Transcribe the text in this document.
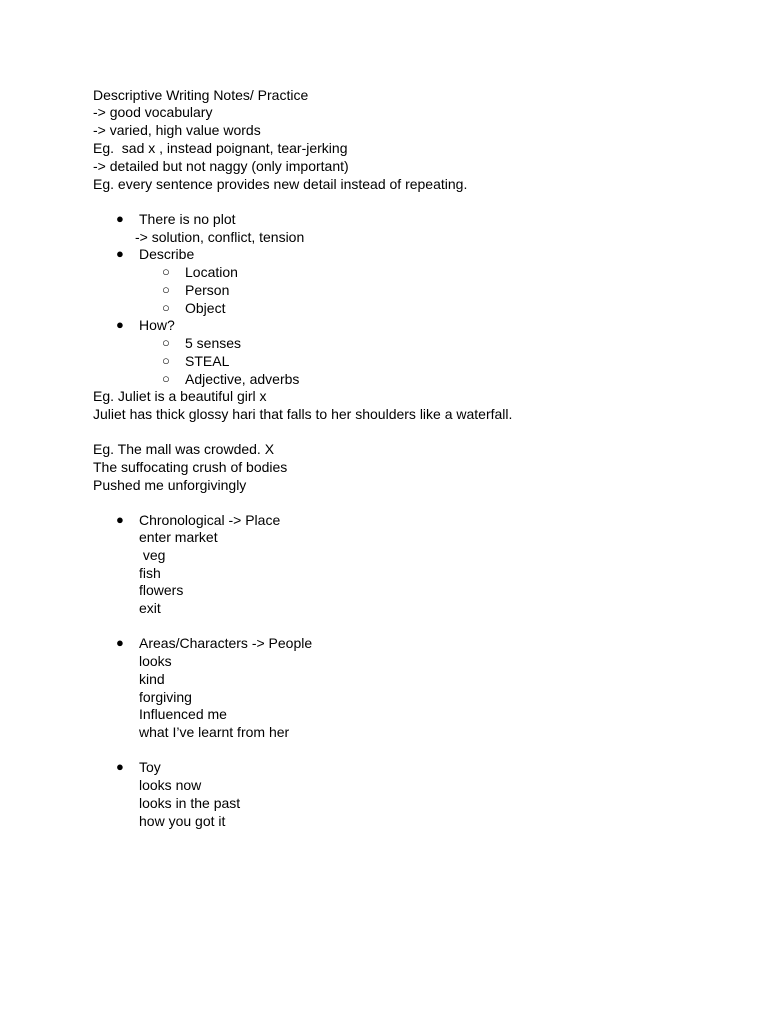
Descriptive Writing Notes/ Practice
-> good vocabulary
-> varied, high value words
Eg.  sad x , instead poignant, tear-jerking
-> detailed but not naggy (only important)
Eg. every sentence provides new detail instead of repeating.
● There is no plot
-> solution, conflict, tension
● Describe
○ Location
○ Person
○ Object
● How?
○ 5 senses
○ STEAL
○ Adjective, adverbs
Eg. Juliet is a beautiful girl x
Juliet has thick glossy hari that falls to her shoulders like a waterfall.
Eg. The mall was crowded. X
The suffocating crush of bodies
Pushed me unforgivingly
● Chronological -> Place
enter market
veg
fish
flowers
exit
● Areas/Characters -> People
looks
kind
forgiving
Influenced me
what I’ve learnt from her
● Toy
looks now
looks in the past
how you got it
